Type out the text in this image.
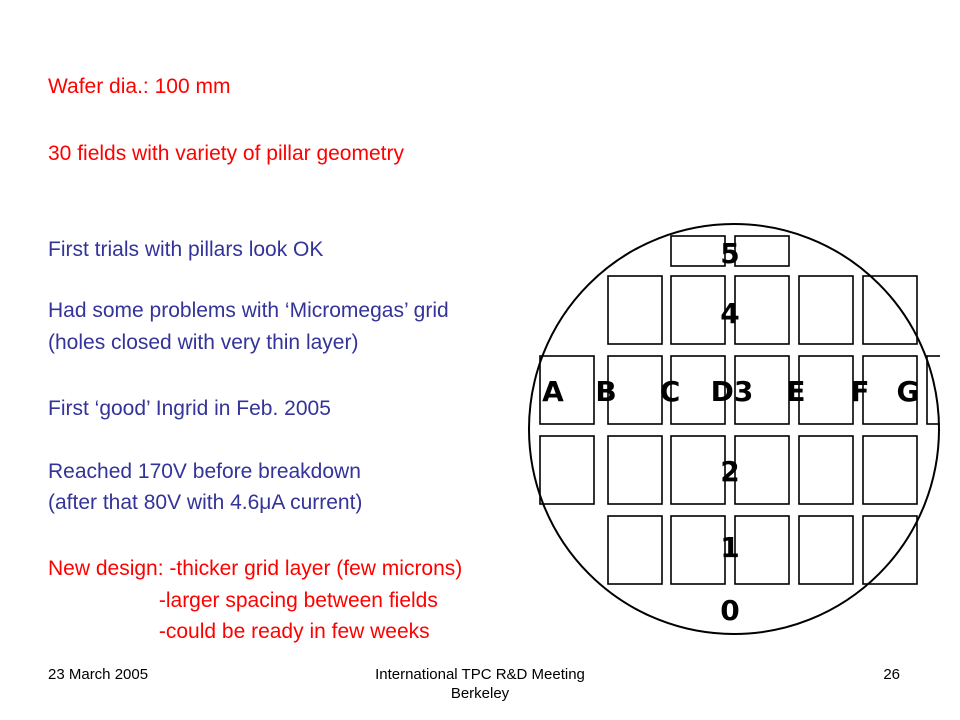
Wafer dia.: 100 mm
30 fields with variety of pillar geometry
First trials with pillars look OK
Had some problems with ‘Micromegas’ grid
(holes closed with very thin layer)
First ‘good’ Ingrid in Feb. 2005
Reached 170V before breakdown
(after that 80V with 4.6μA current)
New design: -thicker grid layer (few microns)
-larger spacing between fields
-could be ready in few weeks
5
4
A B C D3 E F G
2
1
0
23 March 2005	International TPC R&D Meeting
Berkeley
26
